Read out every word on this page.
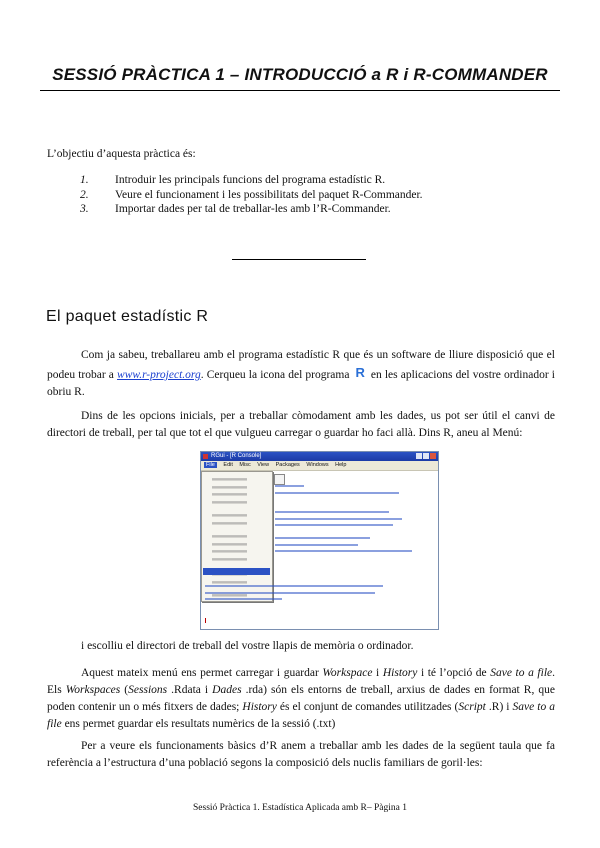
SESSIÓ PRÀCTICA 1 – INTRODUCCIÓ a R i R-COMMANDER
L’objectiu d’aquesta pràctica és:
1.	Introduir les principals funcions del programa estadístic R.
2.	Veure el funcionament i les possibilitats del paquet R-Commander.
3.	Importar dades per tal de treballar-les amb l’R-Commander.
El paquet estadístic R
Com ja sabeu, treballareu amb el programa estadístic R que és un software de lliure disposició que el podeu trobar a www.r-project.org. Cerqueu la icona del programa R en les aplicacions del vostre ordinador i obriu R.
Dins de les opcions inicials, per a treballar còmodament amb les dades, us pot ser útil el canvi de directori de treball, per tal que tot el que vulgueu carregar o guardar ho faci allà. Dins R, aneu al Menú:
RGui - [R Console]
File Edit Misc View Packages Windows Help
i escolliu el directori de treball del vostre llapis de memòria o ordinador.
Aquest mateix menú ens permet carregar i guardar Workspace i History i té l’opció de Save to a file. Els Workspaces (Sessions .Rdata i Dades .rda) són els entorns de treball, arxius de dades en format R, que poden contenir un o més fitxers de dades; History és el conjunt de comandes utilitzades (Script .R) i Save to a file ens permet guardar els resultats numèrics de la sessió (.txt)
Per a veure els funcionaments bàsics d’R anem a treballar amb les dades de la següent taula que fa referència a l’estructura d’una població segons la composició dels nuclis familiars de goril·les:
Sessió Pràctica 1. Estadística Aplicada amb R– Pàgina 1
